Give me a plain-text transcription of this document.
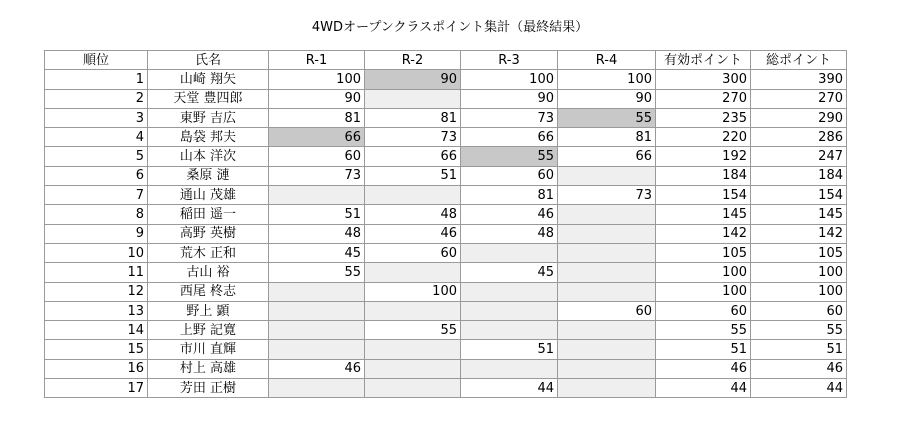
4WDオープンクラスポイント集計（最終結果）
順位	氏名	R-1	R-2	R-3	R-4	有効ポイント	総ポイント
1	山崎 翔矢	100	90	100	100	300	390
2	天堂 豊四郎	90		90	90	270	270
3	東野 吉広	81	81	73	55	235	290
4	島袋 邦夫	66	73	66	81	220	286
5	山本 洋次	60	66	55	66	192	247
6	桑原 漣	73	51	60		184	184
7	通山 茂雄			81	73	154	154
8	稲田 遥一	51	48	46		145	145
9	高野 英樹	48	46	48		142	142
10	荒木 正和	45	60			105	105
11	古山 裕	55		45		100	100
12	西尾 柊志		100			100	100
13	野上 顕				60	60	60
14	上野 記寛		55			55	55
15	市川 直輝			51		51	51
16	村上 高雄	46				46	46
17	芳田 正樹			44		44	44
